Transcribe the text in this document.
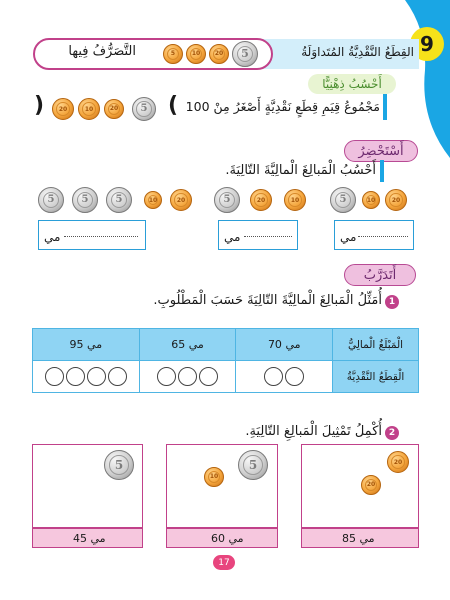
9
القِطَعُ النَّقْدِيَّةُ المُتَداوَلَةُ
التَّصَرُّفُ فِيها	5
20
10
5
أَحْسُبُ ذِهْنِيًّا
مَجْمُوعُ قِيَمِ قِطَعٍ نَقْدِيَّةٍ أَصْغَرُ مِنْ 100
(
)	5
20
10
20
أَسْتَحْضِرُ
أَحْسُبُ الْمَبالِغَ الْمالِيَّةَ التّالِيَةَ.
5	5	5	10	20
مي
5	20	10
مي
5	10	20
مي
أَتَدَرَّبُ
1
أُمَثِّلُ الْمَبالِغَ الْمالِيَّةَ التّالِيَةَ حَسَبَ الْمَطْلُوبِ.
95 مي	65 مي	70 مي	الْمَبْلَغُ الْمالِيُّ
			الْقِطَعُ النَّقْدِيَّةُ
2
أُكْمِلُ تَمْثِيلَ الْمَبالِغِ التّالِيَةِ.
20
20
85 مي
10
5
60 مي
5
45 مي
17
